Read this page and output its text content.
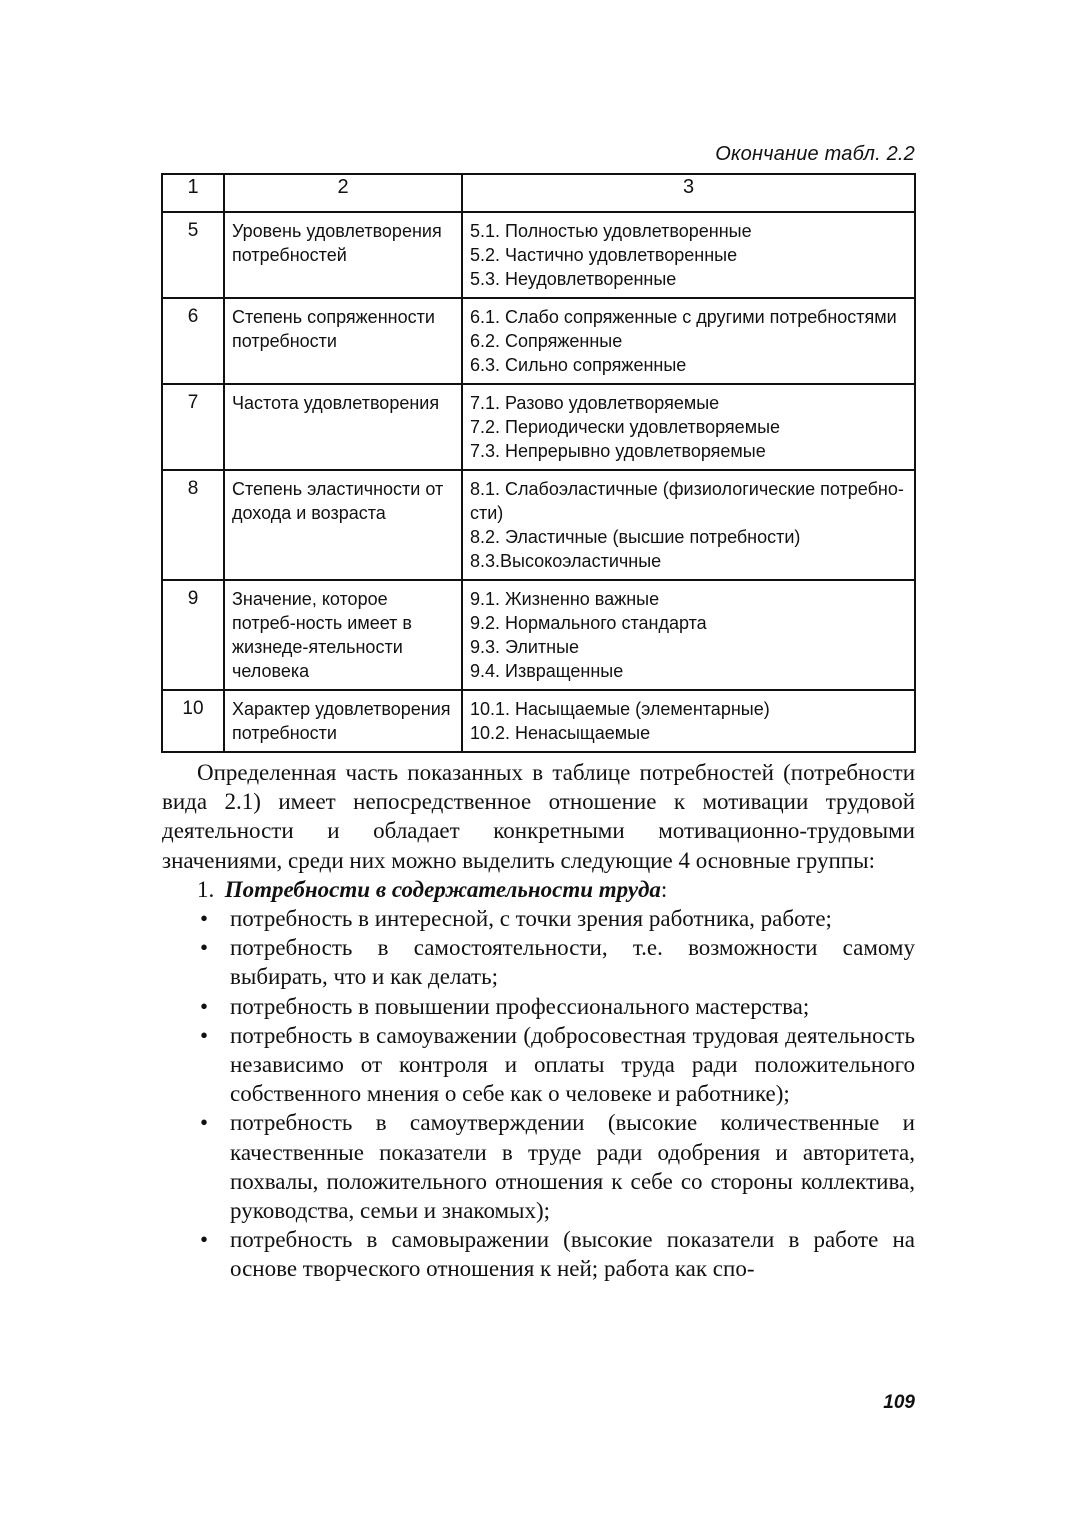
Окончание табл. 2.2
1	2	3
5	Уровень удовлетворения потребностей	5.1. Полностью удовлетворенные
5.2. Частично удовлетворенные
5.3. Неудовлетворенные

6	Степень сопряженности потребности	6.1. Слабо сопряженные с другими потребностями
6.2. Сопряженные
6.3. Сильно сопряженные

7	Частота удовлетворения	7.1. Разово удовлетворяемые
7.2. Периодически удовлетворяемые
7.3. Непрерывно удовлетворяемые

8	Степень эластичности от дохода и возраста	8.1. Слабоэластичные (физиологические потребно-сти)
8.2. Эластичные (высшие потребности)
8.3.Высокоэластичные

9	Значение, которое потреб-ность имеет в жизнеде-ятельности человека	9.1. Жизненно важные
9.2. Нормального стандарта
9.3. Элитные
9.4. Извращенные

10	Характер удовлетворения потребности	10.1. Насыщаемые (элементарные)
10.2. Ненасыщаемые

Определенная часть показанных в таблице потребностей (потребности вида 2.1) имеет непосредственное отношение к мотивации трудовой деятельности и обладает конкретными мотивационно-трудовыми значениями, среди них можно выделить следующие 4 основные группы:

1. Потребности в содержательности труда:
• потребность в интересной, с точки зрения работника, работе;
• потребность в самостоятельности, т.е. возможности самому выбирать, что и как делать;
• потребность в повышении профессионального мастерства;
• потребность в самоуважении (добросовестная трудовая деятельность независимо от контроля и оплаты труда ради положительного собственного мнения о себе как о человеке и работнике);
• потребность в самоутверждении (высокие количественные и качественные показатели в труде ради одобрения и авторитета, похвалы, положительного отношения к себе со стороны коллектива, руководства, семьи и знакомых);
• потребность в самовыражении (высокие показатели в работе на основе творческого отношения к ней; работа как спо-
109
